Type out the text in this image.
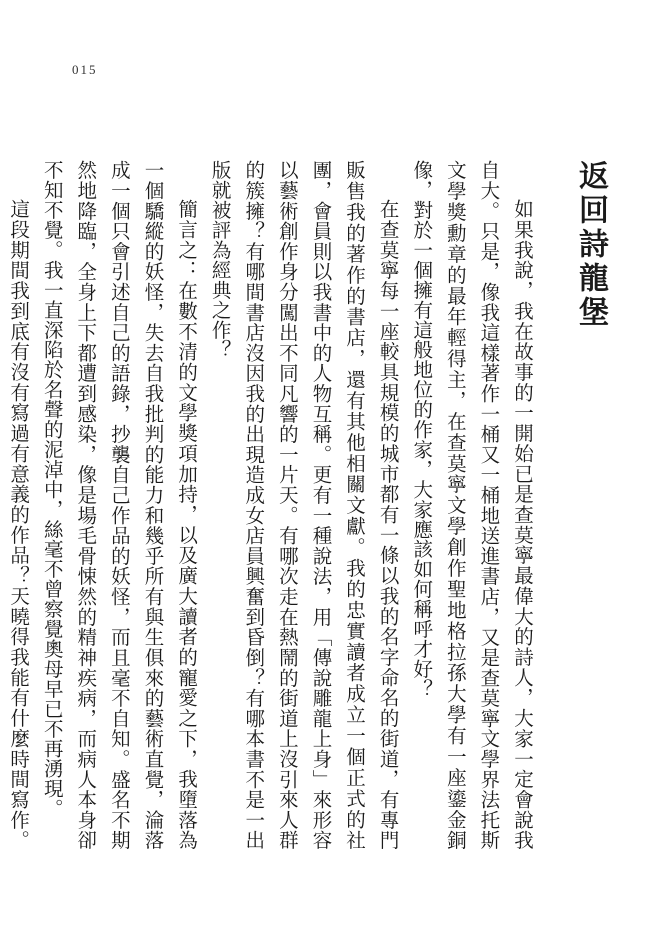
015
返回詩龍堡

如果我說，我在故事的一開始已是查莫寧最偉大的詩人，大家一定會說我自大。只是，像我這樣著作一桶又一桶地送進書店，又是查莫寧文學界法托斯文學獎勳章的最年輕得主，在查莫寧文學創作聖地格拉孫大學有一座鎏金銅像，對於一個擁有這般地位的作家，大家應該如何稱呼才好？

在查莫寧每一座較具規模的城市都有一條以我的名字命名的街道，有專門販售我的著作的書店，還有其他相關文獻。我的忠實讀者成立一個正式的社團，會員則以我書中的人物互稱。更有一種說法，用「傳說雕龍上身」來形容以藝術創作身分闖出不同凡響的一片天。有哪次走在熱鬧的街道上沒引來人群的簇擁？有哪間書店沒因我的出現造成女店員興奮到昏倒？有哪本書不是一出版就被評為經典之作？

簡言之：在數不清的文學獎項加持，以及廣大讀者的寵愛之下，我墮落為一個驕縱的妖怪，失去自我批判的能力和幾乎所有與生俱來的藝術直覺，淪落成一個只會引述自己的語錄，抄襲自己作品的妖怪，而且毫不自知。盛名不期然地降臨，全身上下都遭到感染，像是場毛骨悚然的精神疾病，而病人本身卻不知不覺。我一直深陷於名聲的泥淖中，絲毫不曾察覺奧母早已不再湧現。

這段期間我到底有沒有寫過有意義的作品？天曉得我能有什麼時間寫作。
